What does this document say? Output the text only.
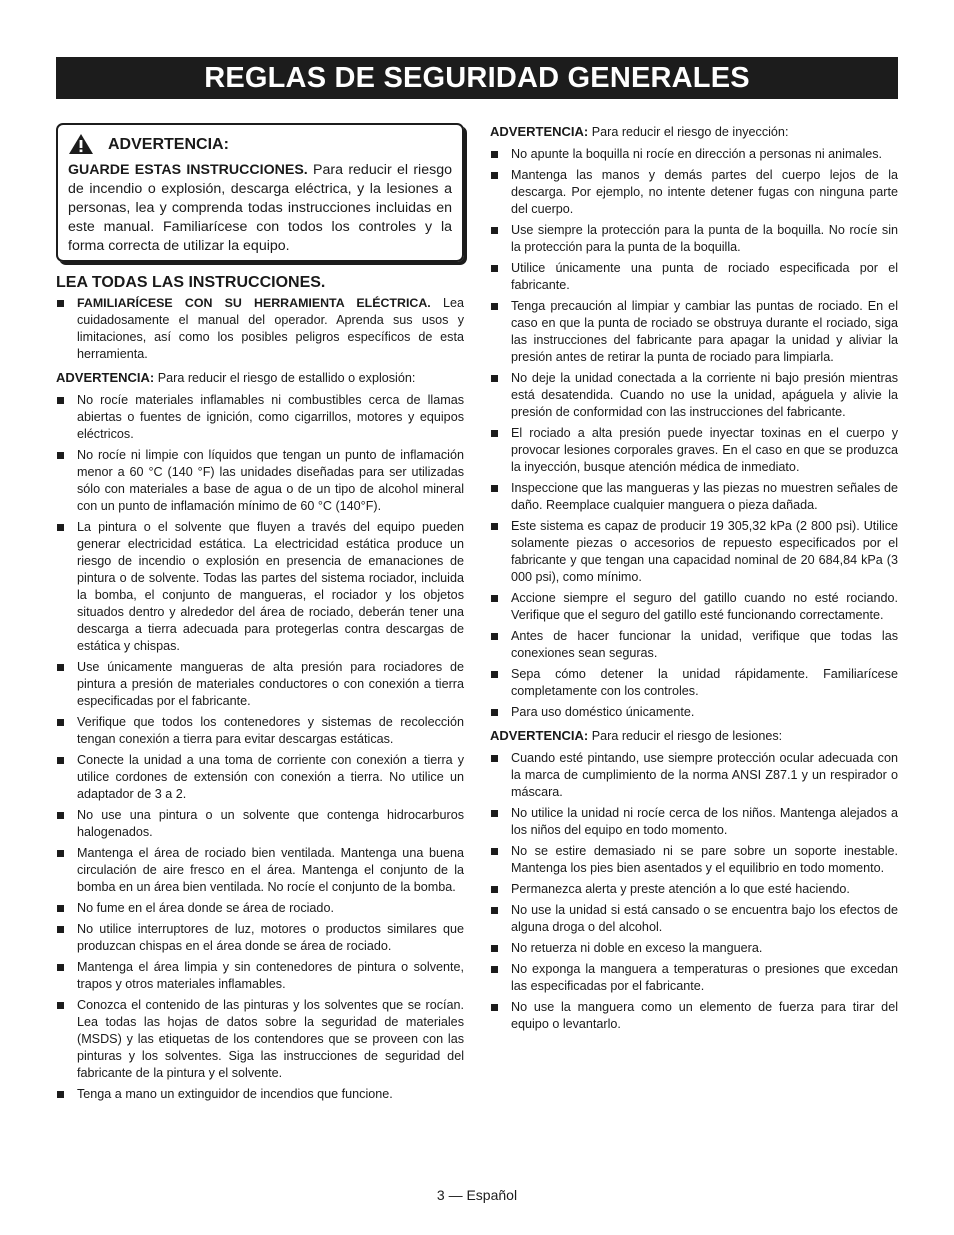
REGLAS DE SEGURIDAD GENERALES
ADVERTENCIA:

GUARDE ESTAS INSTRUCCIONES. Para reducir el riesgo de incendio o explosión, descarga eléctrica, y la lesiones a personas, lea y comprenda todas instrucciones incluidas en este manual. Familiarícese con todos los controles y la forma correcta de utilizar la equipo.

LEA TODAS LAS INSTRUCCIONES.
FAMILIARÍCESE CON SU HERRAMIENTA ELÉCTRICA. Lea cuidadosamente el manual del operador. Aprenda sus usos y limitaciones, así como los posibles peligros específicos de esta herramienta.

ADVERTENCIA: Para reducir el riesgo de estallido o explosión:

No rocíe materiales inflamables ni combustibles cerca de llamas abiertas o fuentes de ignición, como cigarrillos, motores y equipos eléctricos.
No rocíe ni limpie con líquidos que tengan un punto de inflamación menor a 60 °C (140 °F) las unidades diseñadas para ser utilizadas sólo con materiales a base de agua o de un tipo de alcohol mineral con un punto de inflamación mínimo de 60 °C (140°F).
La pintura o el solvente que fluyen a través del equipo pueden generar electricidad estática. La electricidad estática produce un riesgo de incendio o explosión en presencia de emanaciones de pintura o de solvente. Todas las partes del sistema rociador, incluida la bomba, el conjunto de mangueras, el rociador y los objetos situados dentro y alrededor del área de rociado, deberán tener una descarga a tierra adecuada para protegerlas contra descargas de estática y chispas.
Use únicamente mangueras de alta presión para rociadores de pintura a presión de materiales conductores o con conexión a tierra especificadas por el fabricante.
Verifique que todos los contenedores y sistemas de recolección tengan conexión a tierra para evitar descargas estáticas.
Conecte la unidad a una toma de corriente con conexión a tierra y utilice cordones de extensión con conexión a tierra. No utilice un adaptador de 3 a 2.
No use una pintura o un solvente que contenga hidrocarburos halogenados.
Mantenga el área de rociado bien ventilada. Mantenga una buena circulación de aire fresco en el área. Mantenga el conjunto de la bomba en un área bien ventilada. No rocíe el conjunto de la bomba.
No fume en el área donde se área de rociado.
No utilice interruptores de luz, motores o productos similares que produzcan chispas en el área donde se área de rociado.
Mantenga el área limpia y sin contenedores de pintura o solvente, trapos y otros materiales inflamables.
Conozca el contenido de las pinturas y los solventes que se rocían. Lea todas las hojas de datos sobre la seguridad de materiales (MSDS) y las etiquetas de los contendores que se proveen con las pinturas y los solventes. Siga las instrucciones de seguridad del fabricante de la pintura y el solvente.
Tenga a mano un extinguidor de incendios que funcione.

ADVERTENCIA: Para reducir el riesgo de inyección:

No apunte la boquilla ni rocíe en dirección a personas ni animales.
Mantenga las manos y demás partes del cuerpo lejos de la descarga. Por ejemplo, no intente detener fugas con ninguna parte del cuerpo.
Use siempre la protección para la punta de la boquilla. No rocíe sin la protección para la punta de la boquilla.
Utilice únicamente una punta de rociado especificada por el fabricante.
Tenga precaución al limpiar y cambiar las puntas de rociado. En el caso en que la punta de rociado se obstruya durante el rociado, siga las instrucciones del fabricante para apagar la unidad y aliviar la presión antes de retirar la punta de rociado para limpiarla.
No deje la unidad conectada a la corriente ni bajo presión mientras está desatendida. Cuando no use la unidad, apáguela y alivie la presión de conformidad con las instrucciones del fabricante.
El rociado a alta presión puede inyectar toxinas en el cuerpo y provocar lesiones corporales graves. En el caso en que se produzca la inyección, busque atención médica de inmediato.
Inspeccione que las mangueras y las piezas no muestren señales de daño. Reemplace cualquier manguera o pieza dañada.
Este sistema es capaz de producir 19 305,32 kPa (2 800 psi). Utilice solamente piezas o accesorios de repuesto especificados por el fabricante y que tengan una capacidad nominal de 20 684,84 kPa (3 000 psi), como mínimo.
Accione siempre el seguro del gatillo cuando no esté rociando. Verifique que el seguro del gatillo esté funcionando correctamente.
Antes de hacer funcionar la unidad, verifique que todas las conexiones sean seguras.
Sepa cómo detener la unidad rápidamente. Familiarícese completamente con los controles.
Para uso doméstico únicamente.

ADVERTENCIA: Para reducir el riesgo de lesiones:

Cuando esté pintando, use siempre protección ocular adecuada con la marca de cumplimiento de la norma ANSI Z87.1 y un respirador o máscara.
No utilice la unidad ni rocíe cerca de los niños. Mantenga alejados a los niños del equipo en todo momento.
No se estire demasiado ni se pare sobre un soporte inestable. Mantenga los pies bien asentados y el equilibrio en todo momento.
Permanezca alerta y preste atención a lo que esté haciendo.
No use la unidad si está cansado o se encuentra bajo los efectos de alguna droga o del alcohol.
No retuerza ni doble en exceso la manguera.
No exponga la manguera a temperaturas o presiones que excedan las especificadas por el fabricante.
No use la manguera como un elemento de fuerza para tirar del equipo o levantarlo.
3 — Español
